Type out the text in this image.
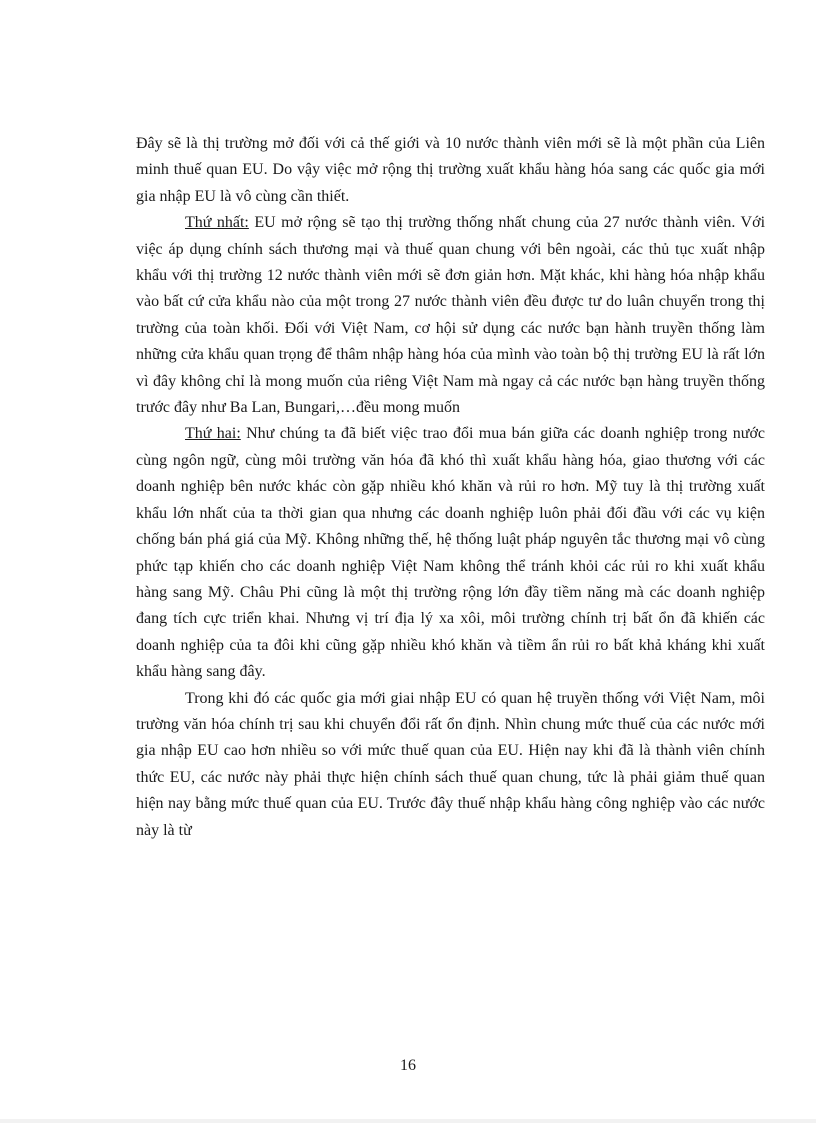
Đây sẽ là thị trường mở đối với cả thế giới và 10 nước thành viên mới sẽ là một phần của Liên minh thuế quan EU. Do vậy việc mở rộng thị trường xuất khẩu hàng hóa sang các quốc gia mới gia nhập EU là vô cùng cần thiết.

Thứ nhất: EU mở rộng sẽ tạo thị trường thống nhất chung của 27 nước thành viên. Với việc áp dụng chính sách thương mại và thuế quan chung với bên ngoài, các thủ tục xuất nhập khẩu với thị trường 12 nước thành viên mới sẽ đơn giản hơn. Mặt khác, khi hàng hóa nhập khẩu vào bất cứ cửa khẩu nào của một trong 27 nước thành viên đều được tư do luân chuyển trong thị trường của toàn khối. Đối với Việt Nam, cơ hội sử dụng các nước bạn hành truyền thống làm những cửa khẩu quan trọng để thâm nhập hàng hóa của mình vào toàn bộ thị trường EU là rất lớn vì đây không chỉ là mong muốn của riêng Việt Nam mà ngay cả các nước bạn hàng truyền thống trước đây như Ba Lan, Bungari,…đều mong muốn

Thứ hai: Như chúng ta đã biết việc trao đổi mua bán giữa các doanh nghiệp trong nước cùng ngôn ngữ, cùng môi trường văn hóa đã khó thì xuất khẩu hàng hóa, giao thương với các doanh nghiệp bên nước khác còn gặp nhiều khó khăn và rủi ro hơn. Mỹ tuy là thị trường xuất khẩu lớn nhất của ta thời gian qua nhưng các doanh nghiệp luôn phải đối đầu với các vụ kiện chống bán phá giá của Mỹ. Không những thế, hệ thống luật pháp nguyên tắc thương mại vô cùng phức tạp khiến cho các doanh nghiệp Việt Nam không thể tránh khỏi các rủi ro khi xuất khẩu hàng sang Mỹ. Châu Phi cũng là một thị trường rộng lớn đầy tiềm năng mà các doanh nghiệp đang tích cực triển khai. Nhưng vị trí địa lý xa xôi, môi trường chính trị bất ổn đã khiến các doanh nghiệp của ta đôi khi cũng gặp nhiều khó khăn và tiềm ẩn rủi ro bất khả kháng khi xuất khẩu hàng sang đây.

Trong khi đó các quốc gia mới giai nhập EU có quan hệ truyền thống với Việt Nam, môi trường văn hóa chính trị sau khi chuyển đổi rất ổn định. Nhìn chung mức thuế của các nước mới gia nhập EU cao hơn nhiều so với mức thuế quan của EU. Hiện nay khi đã là thành viên chính thức EU, các nước này phải thực hiện chính sách thuế quan chung, tức là phải giảm thuế quan hiện nay bằng mức thuế quan của EU. Trước đây thuế nhập khẩu hàng công nghiệp vào các nước này là từ

16
